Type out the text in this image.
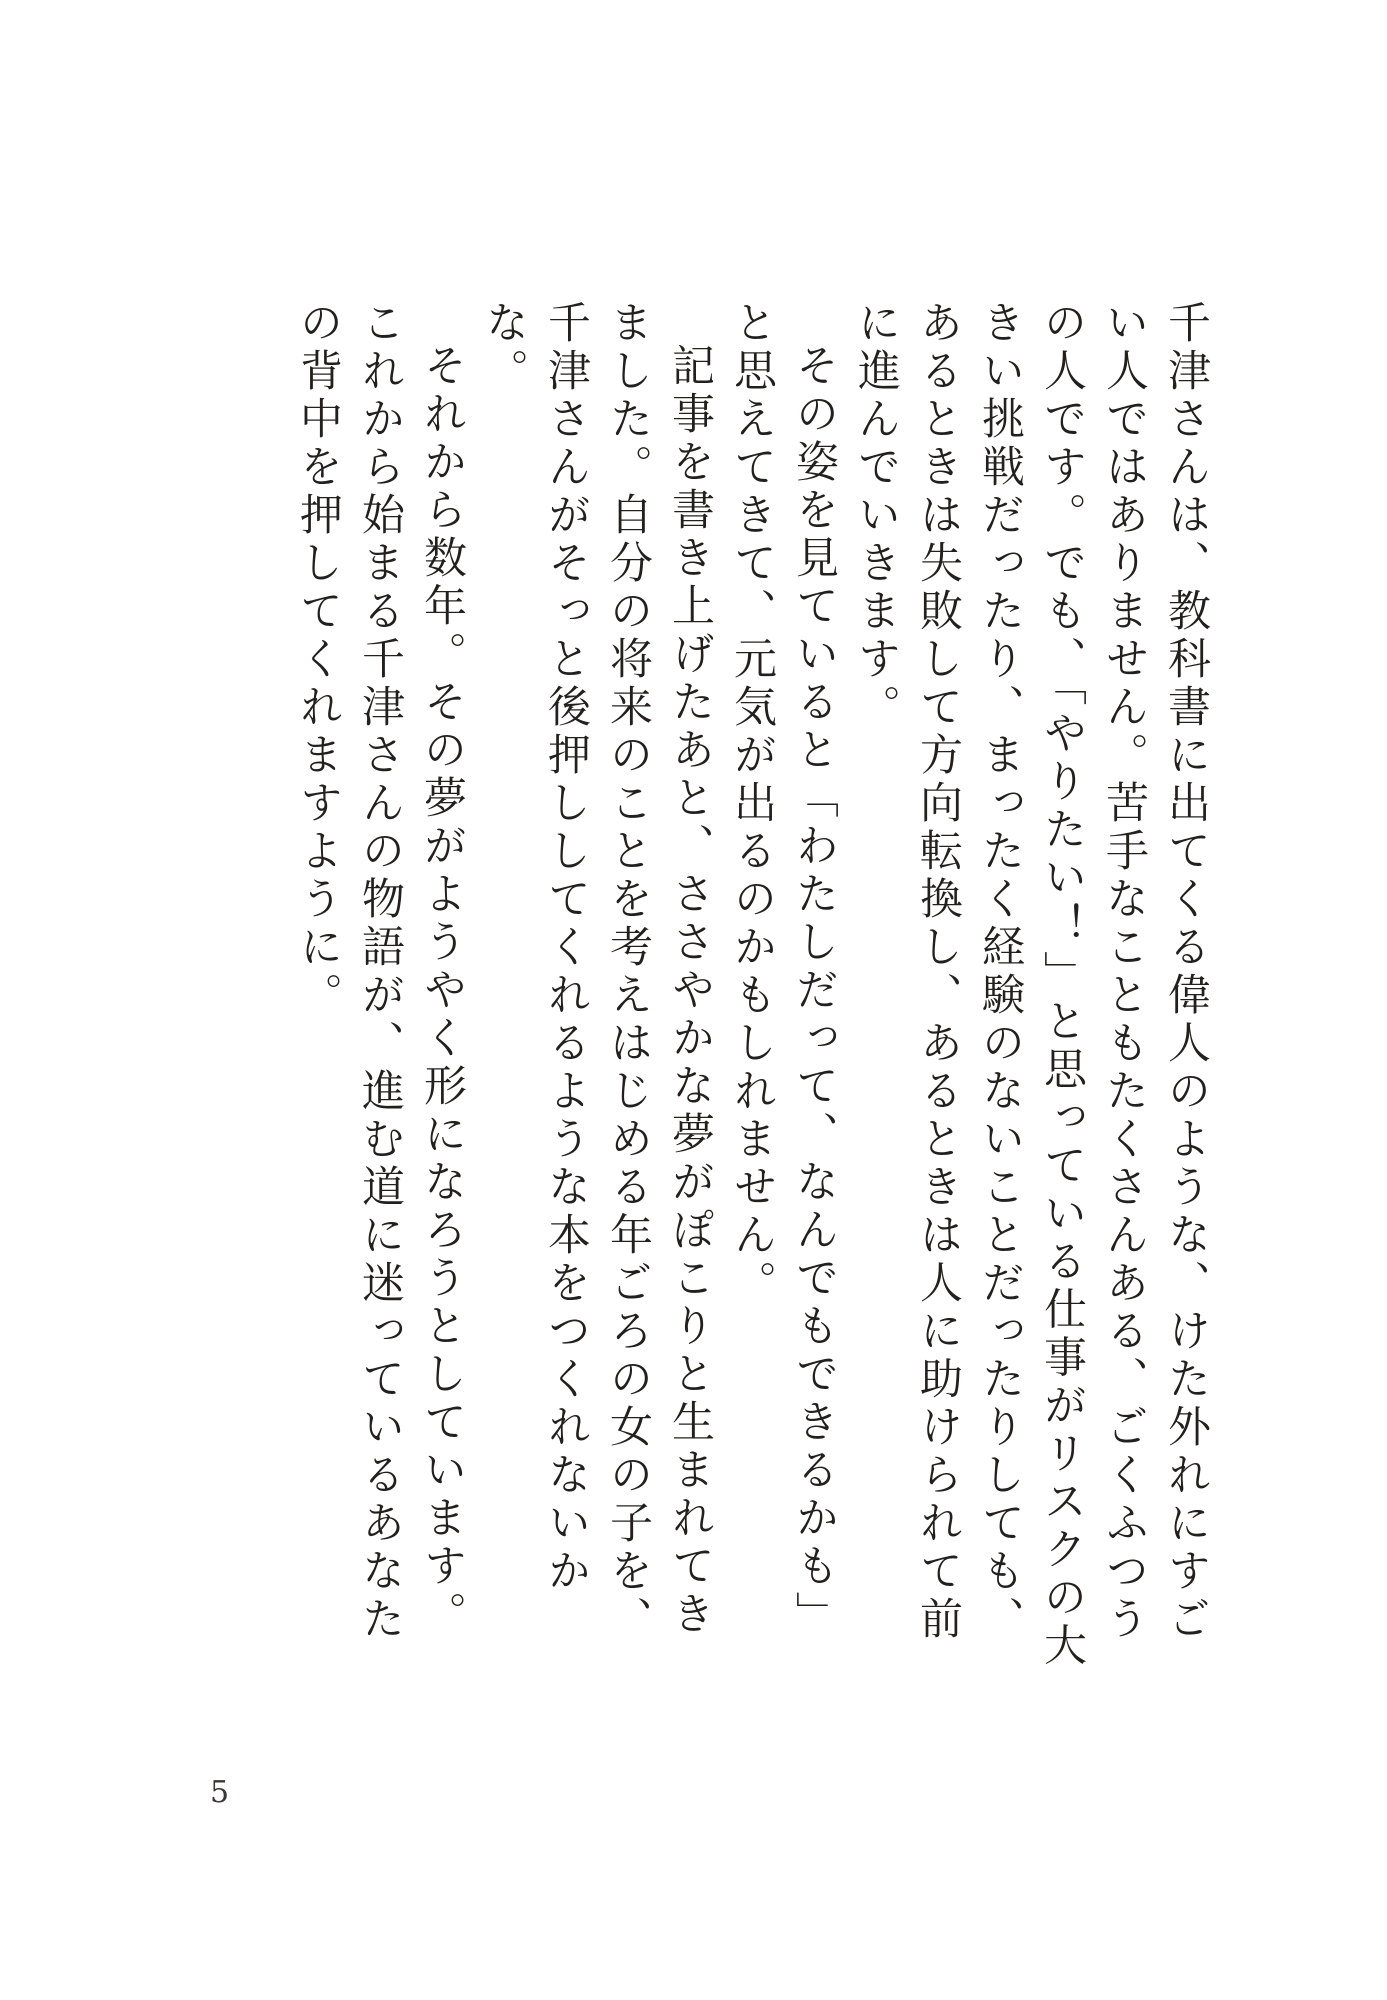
千津さんは、教科書に出てくる偉人のような、けた外れにすごい人ではありません。苦手なこともたくさんある、ごくふつうの人です。でも、「やりたい！」と思っている仕事がリスクの大きい挑戦だったり、まったく経験のないことだったりしても、あるときは失敗して方向転換し、あるときは人に助けられて前に進んでいきます。

その姿を見ていると「わたしだって、なんでもできるかも」と思えてきて、元気が出るのかもしれません。

記事を書き上げたあと、ささやかな夢がぽこりと生まれてきました。自分の将来のことを考えはじめる年ごろの女の子を、千津さんがそっと後押ししてくれるような本をつくれないかな。

それから数年。その夢がようやく形になろうとしています。これから始まる千津さんの物語が、進む道に迷っているあなたの背中を押してくれますように。

5
